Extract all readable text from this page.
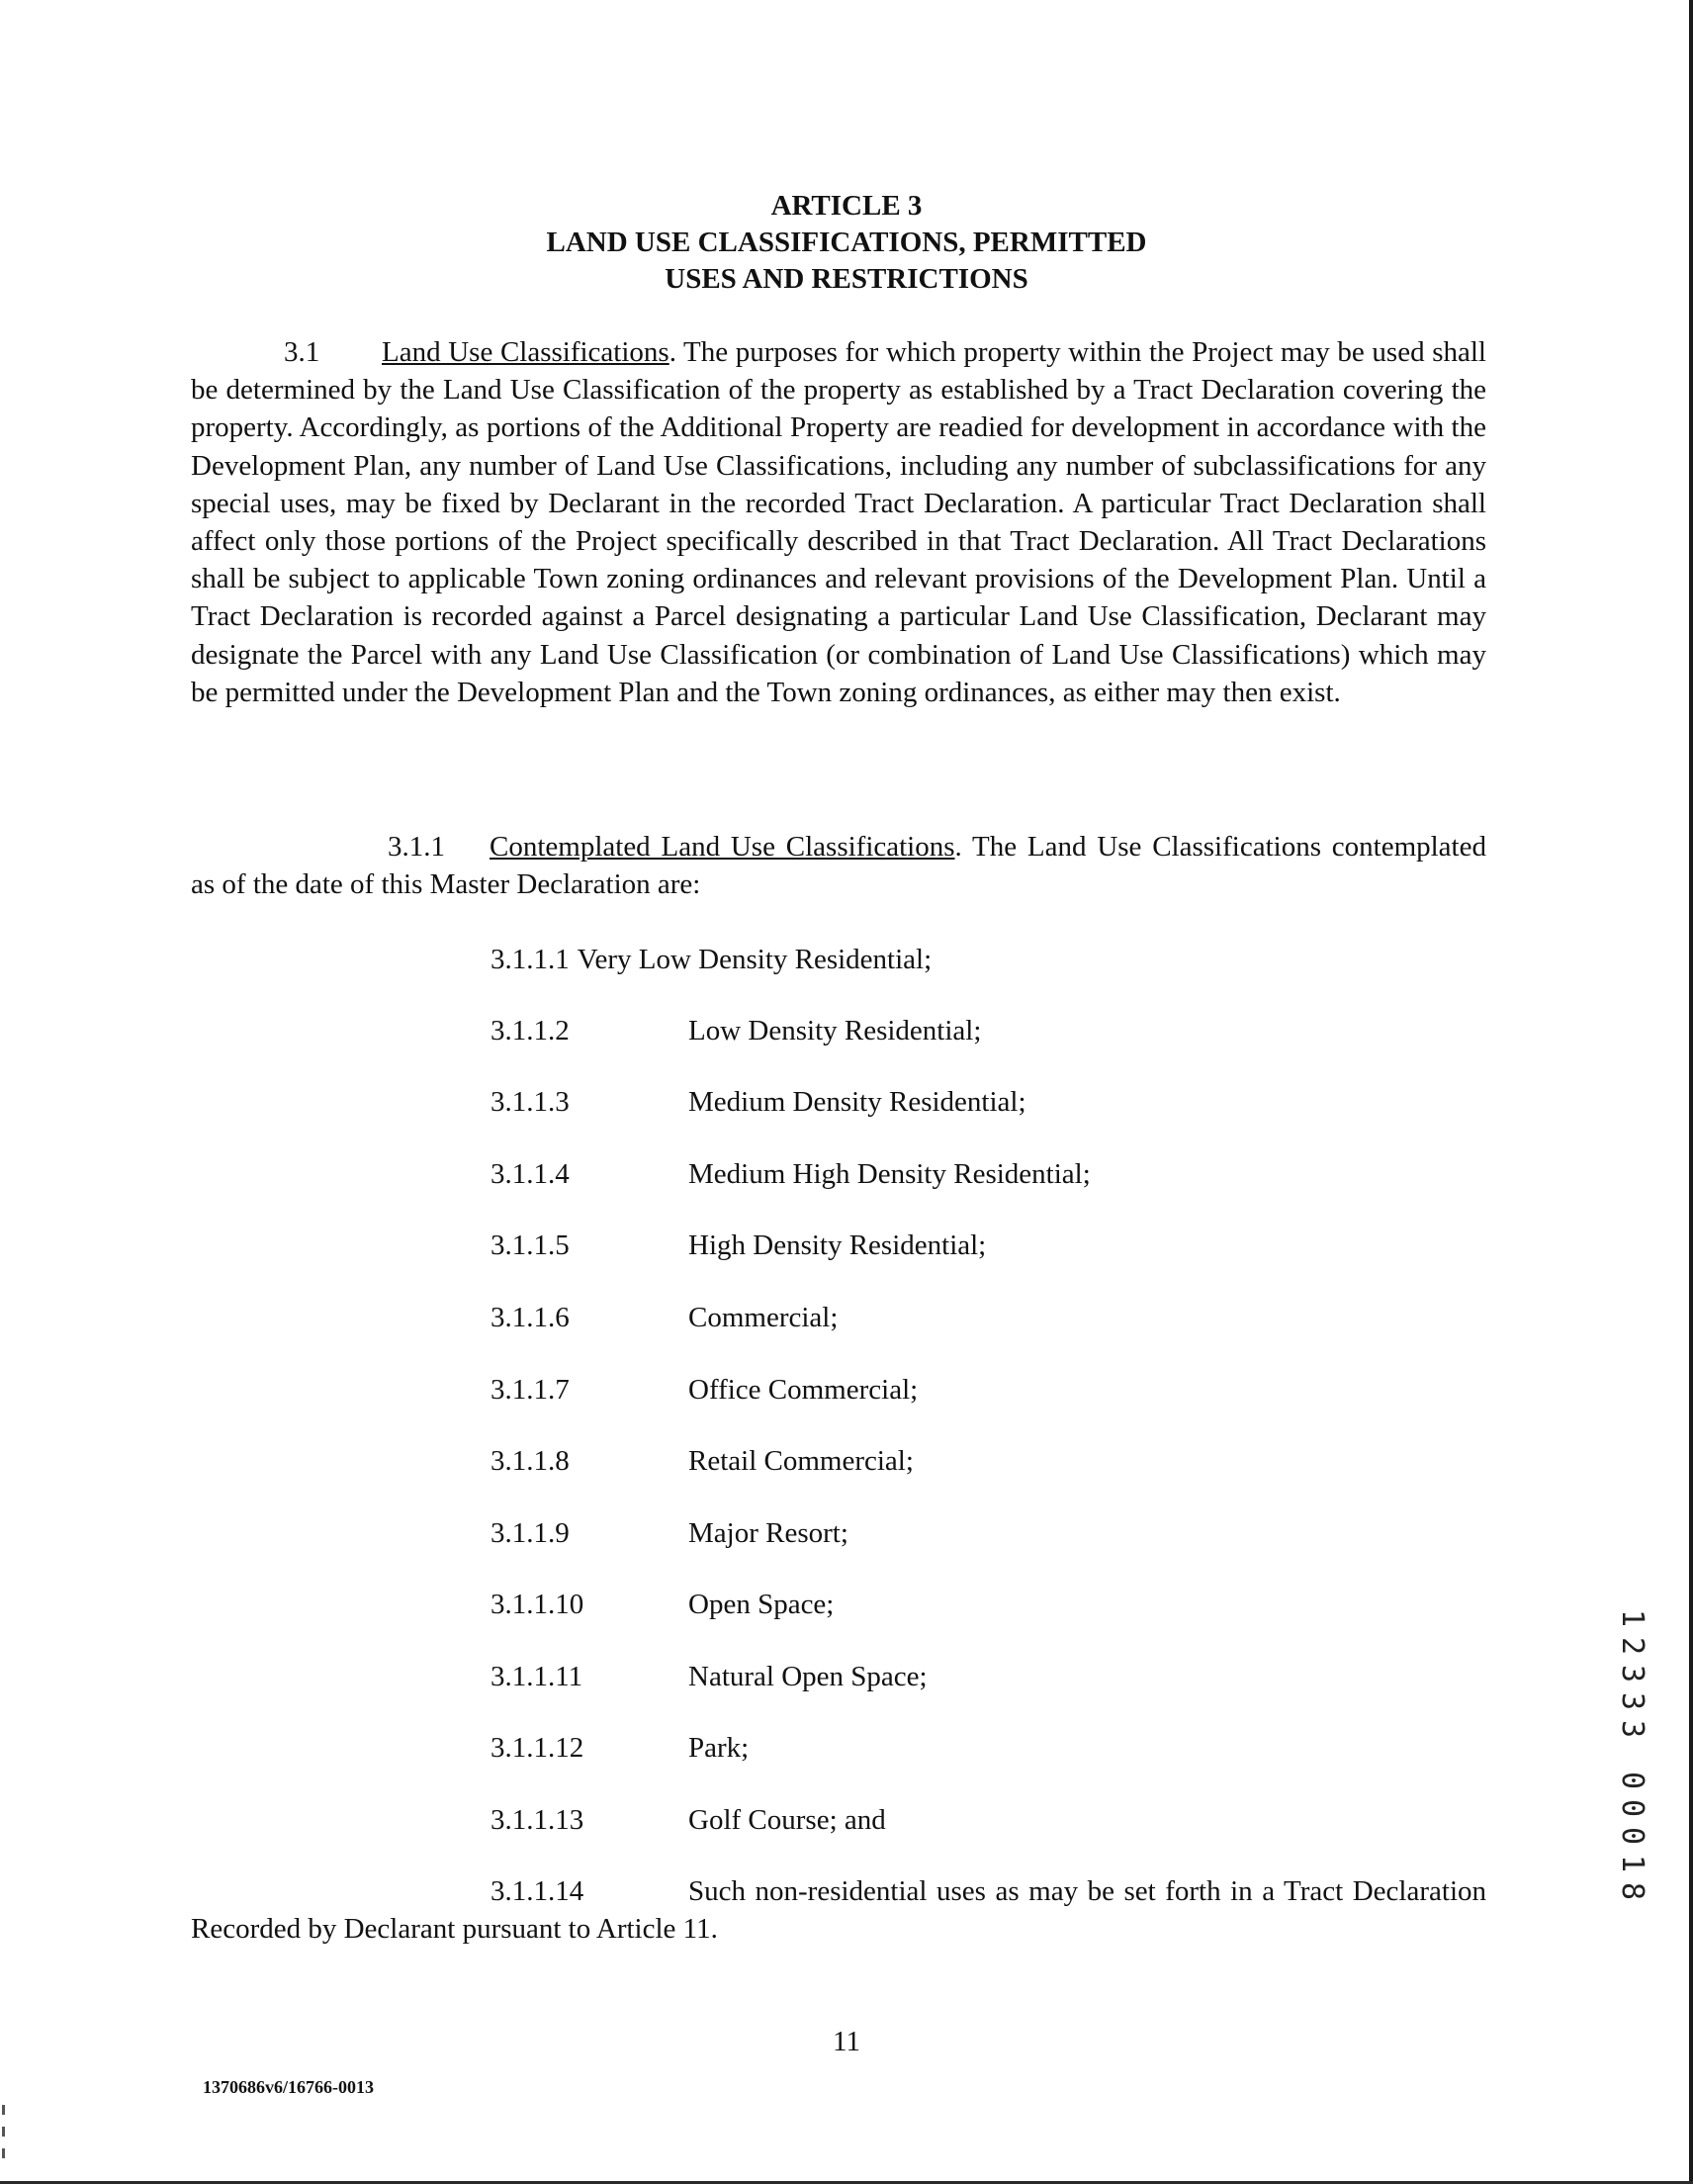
ARTICLE 3
LAND USE CLASSIFICATIONS, PERMITTED
USES AND RESTRICTIONS
3.1 Land Use Classifications. The purposes for which property within the Project may be used shall be determined by the Land Use Classification of the property as established by a Tract Declaration covering the property. Accordingly, as portions of the Additional Property are readied for development in accordance with the Development Plan, any number of Land Use Classifications, including any number of subclassifications for any special uses, may be fixed by Declarant in the recorded Tract Declaration. A particular Tract Declaration shall affect only those portions of the Project specifically described in that Tract Declaration. All Tract Declarations shall be subject to applicable Town zoning ordinances and relevant provisions of the Development Plan. Until a Tract Declaration is recorded against a Parcel designating a particular Land Use Classification, Declarant may designate the Parcel with any Land Use Classification (or combination of Land Use Classifications) which may be permitted under the Development Plan and the Town zoning ordinances, as either may then exist.
3.1.1 Contemplated Land Use Classifications. The Land Use Classifications contemplated as of the date of this Master Declaration are:
3.1.1.1 Very Low Density Residential;
3.1.1.2	Low Density Residential;
3.1.1.3	Medium Density Residential;
3.1.1.4	Medium High Density Residential;
3.1.1.5	High Density Residential;
3.1.1.6	Commercial;
3.1.1.7	Office Commercial;
3.1.1.8	Retail Commercial;
3.1.1.9	Major Resort;
3.1.1.10	Open Space;
3.1.1.11	Natural Open Space;
3.1.1.12	Park;
3.1.1.13	Golf Course; and
3.1.1.14	Such non-residential uses as may be set forth in a Tract Declaration Recorded by Declarant pursuant to Article 11.
11
1370686v6/16766-0013
1
2
3
3
3
0
0
0
1
8
